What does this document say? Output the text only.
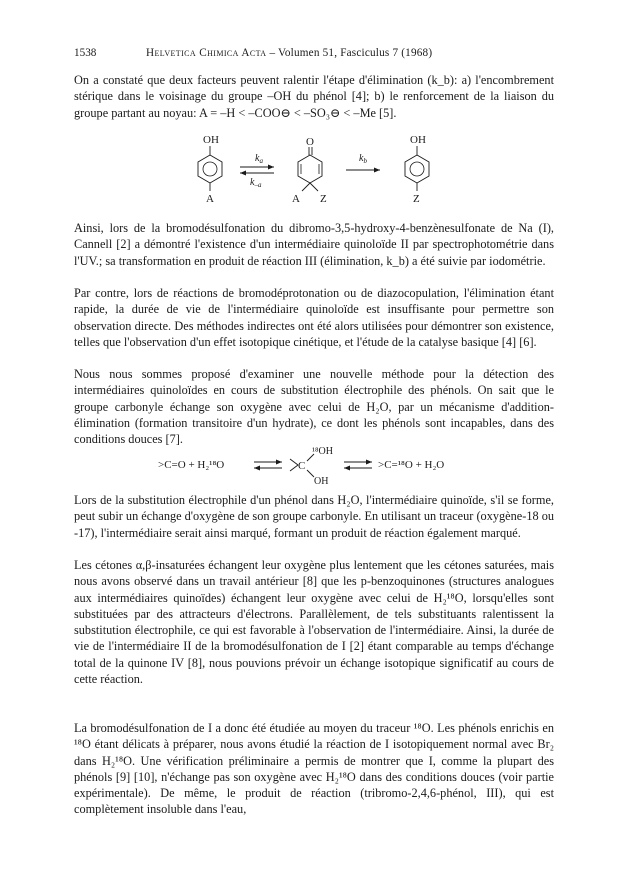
1538	Helvetica Chimica Acta – Volumen 51, Fasciculus 7 (1968)

On a constaté que deux facteurs peuvent ralentir l'étape d'élimination (k_b): a) l'encombrement stérique dans le voisinage du groupe –OH du phénol [4]; b) le renforcement de la liaison du groupe partant au noyau: A = –H < –COO⊖ < –SO₃⊖ < –Me [5].

OH
A
$k_a$
$k_{-a}$
O
A Z
$k_b$
OH
Z

Ainsi, lors de la bromodésulfonation du dibromo-3,5-hydroxy-4-benzènesulfonate de Na (I), Cannell [2] a démontré l'existence d'un intermédiaire quinoloïde II par spectrophotométrie dans l'UV.; sa transformation en produit de réaction III (élimination, k_b) a été suivie par iodométrie.

Par contre, lors de réactions de bromodéprotonation ou de diazocopulation, l'élimination étant rapide, la durée de vie de l'intermédiaire quinoloïde est insuffisante pour permettre son observation directe. Des méthodes indirectes ont été alors utilisées pour démontrer son existence, telles que l'observation d'un effet isotopique cinétique, et l'étude de la catalyse basique [4] [6].

Nous nous sommes proposé d'examiner une nouvelle méthode pour la détection des intermédiaires quinoloïdes en cours de substitution électrophile des phénols. On sait que le groupe carbonyle échange son oxygène avec celui de H₂O, par un mécanisme d'addition-élimination (formation transitoire d'un hydrate), ce dont les phénols sont incapables, dans des conditions douces [7].

>C=O + H₂¹⁸O	C
¹⁸OH
OH
>C=¹⁸O + H₂O

Lors de la substitution électrophile d'un phénol dans H₂O, l'intermédiaire quinoïde, s'il se forme, peut subir un échange d'oxygène de son groupe carbonyle. En utilisant un traceur (oxygène-18 ou -17), l'intermédiaire serait ainsi marqué, formant un produit de réaction également marqué.

Les cétones α,β-insaturées échangent leur oxygène plus lentement que les cétones saturées, mais nous avons observé dans un travail antérieur [8] que les p-benzoquinones (structures analogues aux intermédiaires quinoïdes) échangent leur oxygène avec celui de H₂¹⁸O, lorsqu'elles sont substituées par des attracteurs d'électrons. Parallèlement, de tels substituants ralentissent la substitution électrophile, ce qui est favorable à l'observation de l'intermédiaire. Ainsi, la durée de vie de l'intermédiaire II de la bromodésulfonation de I [2] étant comparable au temps d'échange total de la quinone IV [8], nous pouvions prévoir un échange isotopique significatif au cours de cette réaction.

La bromodésulfonation de I a donc été étudiée au moyen du traceur ¹⁸O. Les phénols enrichis en ¹⁸O étant délicats à préparer, nous avons étudié la réaction de I isotopiquement normal avec Br₂ dans H₂¹⁸O. Une vérification préliminaire a permis de montrer que I, comme la plupart des phénols [9] [10], n'échange pas son oxygène avec H₂¹⁸O dans des conditions douces (voir partie expérimentale). De même, le produit de réaction (tribromo-2,4,6-phénol, III), qui est complètement insoluble dans l'eau,
